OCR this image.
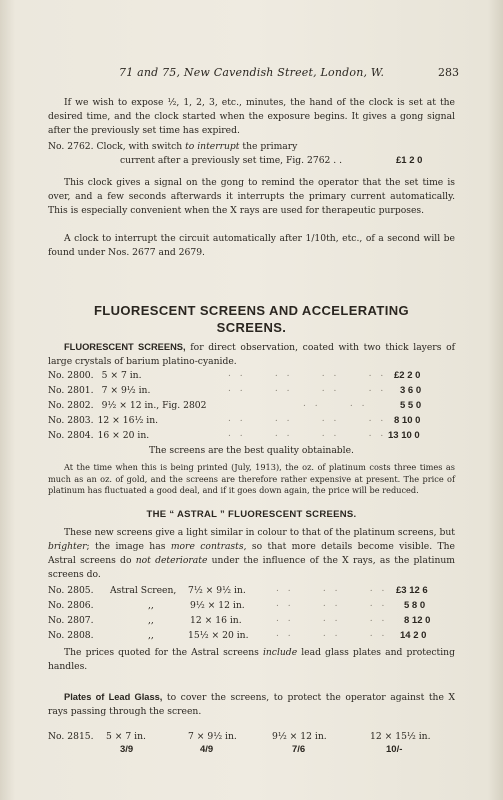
71 and 75, New Cavendish Street, London, W.	283
If we wish to expose ½, 1, 2, 3, etc., minutes, the hand of the clock is set at the desired time, and the clock started when the exposure begins. It gives a gong signal after the previously set time has expired.
No. 2762. Clock, with switch to interrupt the primary
current after a previously set time, Fig. 2762 . .	£1 2 0
This clock gives a signal on the gong to remind the operator that the set time is over, and a few seconds afterwards it interrupts the primary current automatically. This is especially convenient when the X rays are used for therapeutic purposes.
A clock to interrupt the circuit automatically after 1/10th, etc., of a second will be found under Nos. 2677 and 2679.
FLUORESCENT SCREENS AND ACCELERATING
SCREENS.
FLUORESCENT SCREENS, for direct observation, coated with two thick layers of large crystals of barium platino-cyanide.
No. 2800. 5 × 7 in.	. .     . .     . .     . . £2 2 0
No. 2801. 7 × 9½ in.	. .     . .     . .     . . 3 6 0
No. 2802. 9½ × 12 in., Fig. 2802	. .     . .	5 5 0
No. 2803. 12 × 16½ in.	. .     . .     . .     . . 8 10 0
No. 2804. 16 × 20 in.	. .     . .     . .     . . 13 10 0
The screens are the best quality obtainable.
At the time when this is being printed (July, 1913), the oz. of platinum costs three times as much as an oz. of gold, and the screens are therefore rather expensive at present. The price of platinum has fluctuated a good deal, and if it goes down again, the price will be reduced.
THE “ ASTRAL ” FLUORESCENT SCREENS.
These new screens give a light similar in colour to that of the platinum screens, but brighter; the image has more contrasts, so that more details become visible. The Astral screens do not deteriorate under the influence of the X rays, as the platinum screens do.
No. 2805. Astral Screen, 7½ × 9½ in.	. .     . .     . . £3 12 6
No. 2806.	,,	9½ × 12 in.	. .     . .     . . 5 8 0
No. 2807.	,,	12 × 16 in.	. .     . .     . . 8 12 0
No. 2808.	,,	15½ × 20 in.	. .     . .     . . 14 2 0
The prices quoted for the Astral screens include lead glass plates and protecting handles.
Plates of Lead Glass, to cover the screens, to protect the operator against the X rays passing through the screen.
No. 2815. 5 × 7 in.	7 × 9½ in.	9½ × 12 in.	12 × 15½ in.
3/9	4/9	7/6	10/-
